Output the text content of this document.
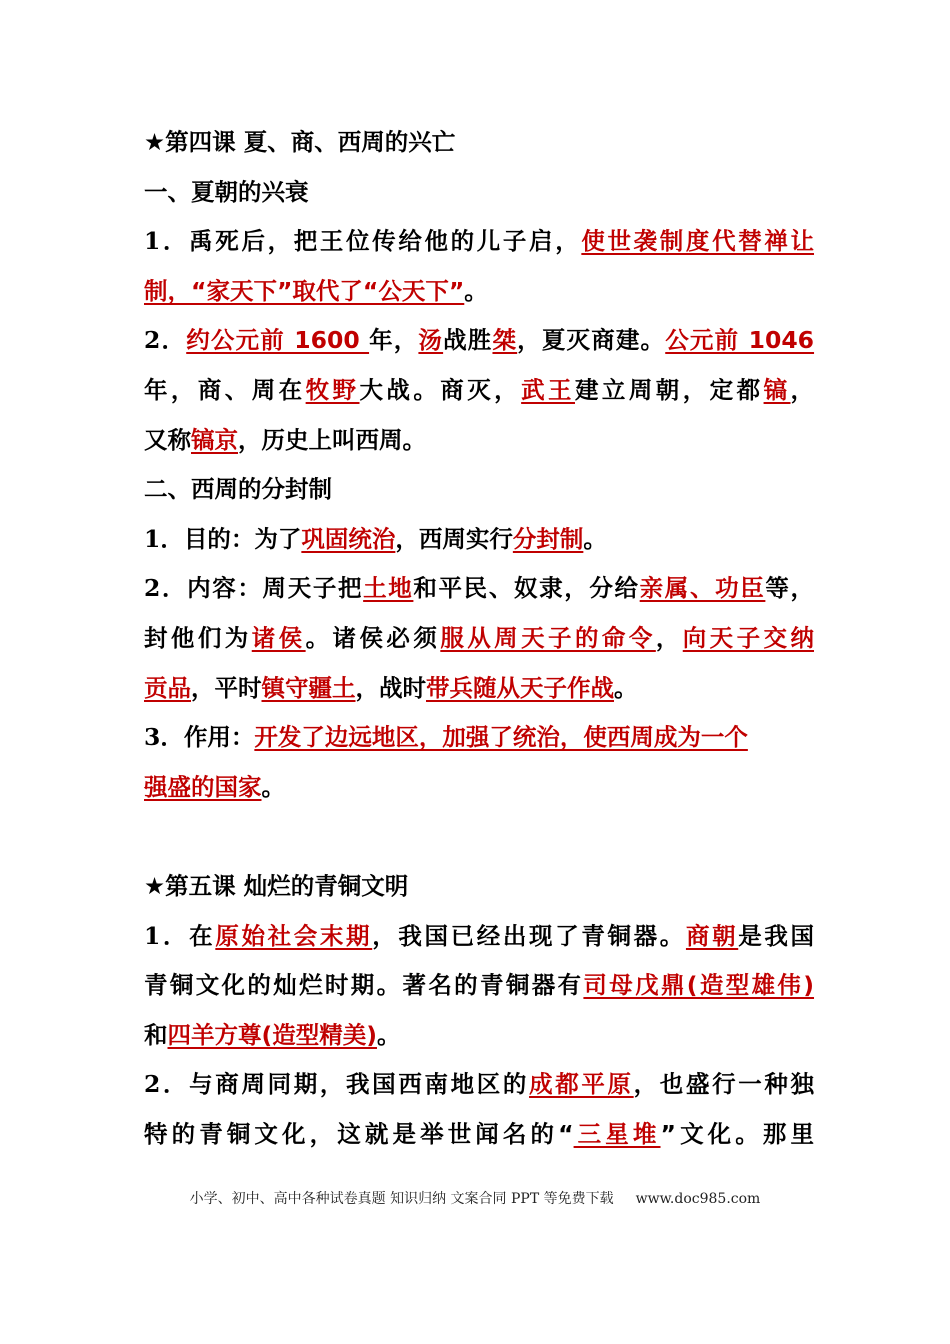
★第四课 夏、商、西周的兴亡
一、夏朝的兴衰
1．禹死后，把王位传给他的儿子启，使世袭制度代替禅让
制，“家天下”取代了“公天下”。
2．约公元前 1600 年，汤战胜桀，夏灭商建。公元前 1046
年，商、周在牧野大战。商灭，武王建立周朝，定都镐，
又称镐京，历史上叫西周。
二、西周的分封制
1．目的：为了巩固统治，西周实行分封制。
2．内容：周天子把土地和平民、奴隶，分给亲属、功臣等，
封他们为诸侯。诸侯必须服从周天子的命令，向天子交纳
贡品，平时镇守疆土，战时带兵随从天子作战。
3．作用：开发了边远地区，加强了统治，使西周成为一个
强盛的国家。
★第五课 灿烂的青铜文明
1．在原始社会末期，我国已经出现了青铜器。商朝是我国
青铜文化的灿烂时期。著名的青铜器有司母戊鼎(造型雄伟)
和四羊方尊(造型精美)。
2．与商周同期，我国西南地区的成都平原，也盛行一种独
特的青铜文化，这就是举世闻名的“三星堆”文化。那里
小学、初中、高中各种试卷真题 知识归纳 文案合同 PPT 等免费下载 www.doc985.com
